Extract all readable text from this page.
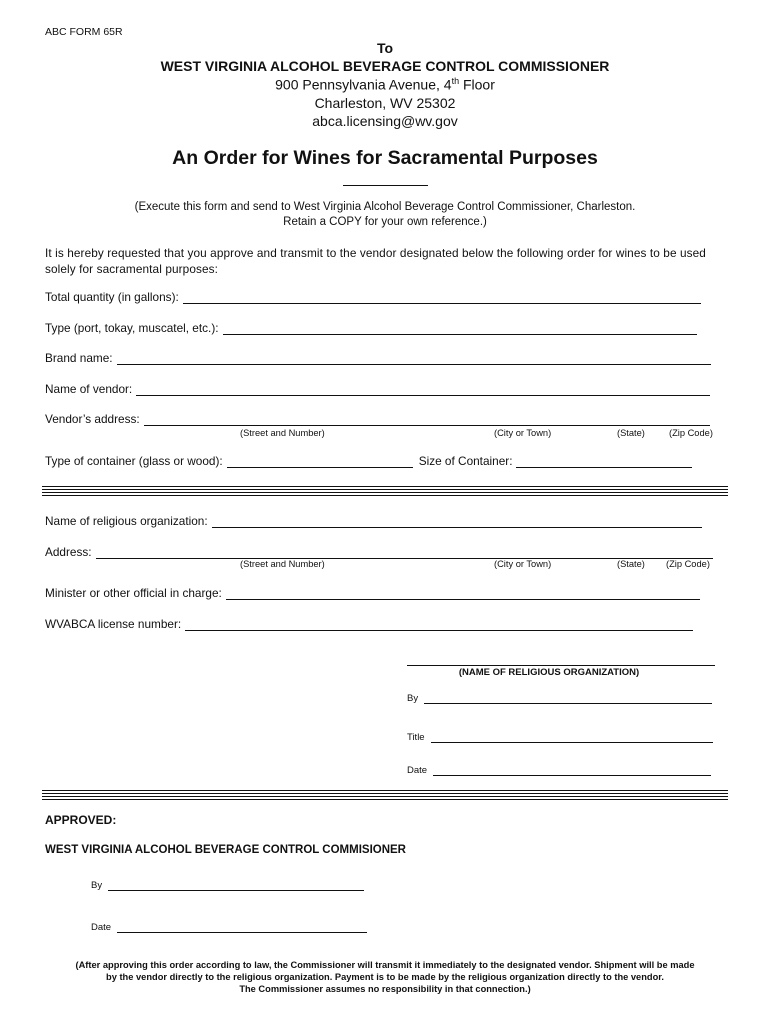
ABC FORM 65R
To
WEST VIRGINIA ALCOHOL BEVERAGE CONTROL COMMISSIONER
900 Pennsylvania Avenue, 4th Floor
Charleston, WV 25302
abca.licensing@wv.gov
An Order for Wines for Sacramental Purposes
(Execute this form and send to West Virginia Alcohol Beverage Control Commissioner, Charleston.
Retain a COPY for your own reference.)
It is hereby requested that you approve and transmit to the vendor designated below the following order for wines to be used solely for sacramental purposes:
Total quantity (in gallons):
Type (port, tokay, muscatel, etc.):
Brand name:
Name of vendor:
Vendor’s address:
(Street and Number)	(City or Town)	(State)	(Zip Code)
Type of container (glass or wood):	Size of Container:
Name of religious organization:
Address:
(Street and Number)	(City or Town)	(State) (Zip Code)
Minister or other official in charge:
WVABCA license number:
(NAME OF RELIGIOUS ORGANIZATION)
By
Title
Date
APPROVED:
WEST VIRGINIA ALCOHOL BEVERAGE CONTROL COMMISIONER
By
Date
(After approving this order according to law, the Commissioner will transmit it immediately to the designated vendor. Shipment will be made
by the vendor directly to the religious organization. Payment is to be made by the religious organization directly to the vendor.
The Commissioner assumes no responsibility in that connection.)
